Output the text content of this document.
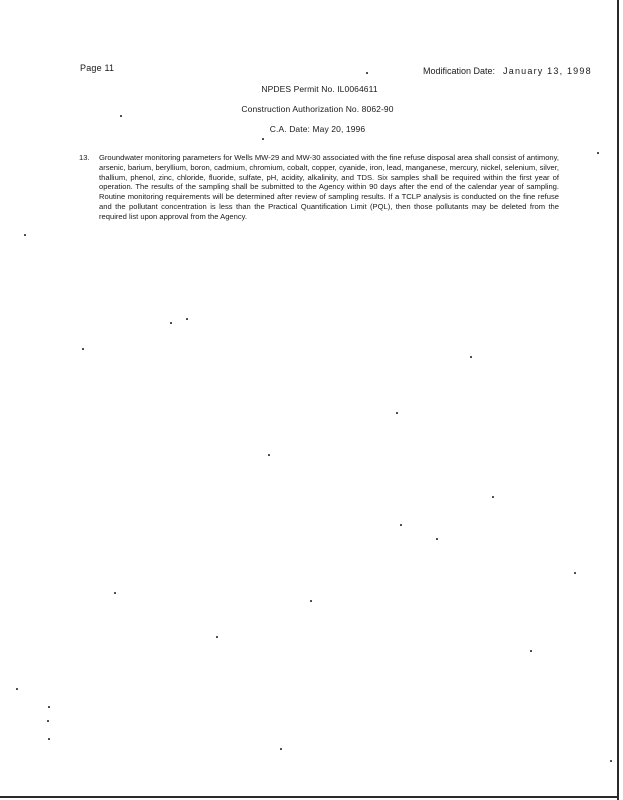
Page 11	Modification Date: January 13, 1998
NPDES Permit No. IL0064611
Construction Authorization No. 8062-90
C.A. Date: May 20, 1996
13. Groundwater monitoring parameters for Wells MW-29 and MW-30 associated with the fine refuse disposal area shall consist of antimony, arsenic, barium, beryllium, boron, cadmium, chromium, cobalt, copper, cyanide, iron, lead, manganese, mercury, nickel, selenium, silver, thallium, phenol, zinc, chloride, fluoride, sulfate, pH, acidity, alkalinity, and TDS. Six samples shall be required within the first year of operation. The results of the sampling shall be submitted to the Agency within 90 days after the end of the calendar year of sampling. Routine monitoring requirements will be determined after review of sampling results. If a TCLP analysis is conducted on the fine refuse and the pollutant concentration is less than the Practical Quantification Limit (PQL), then those pollutants may be deleted from the required list upon approval from the Agency.
